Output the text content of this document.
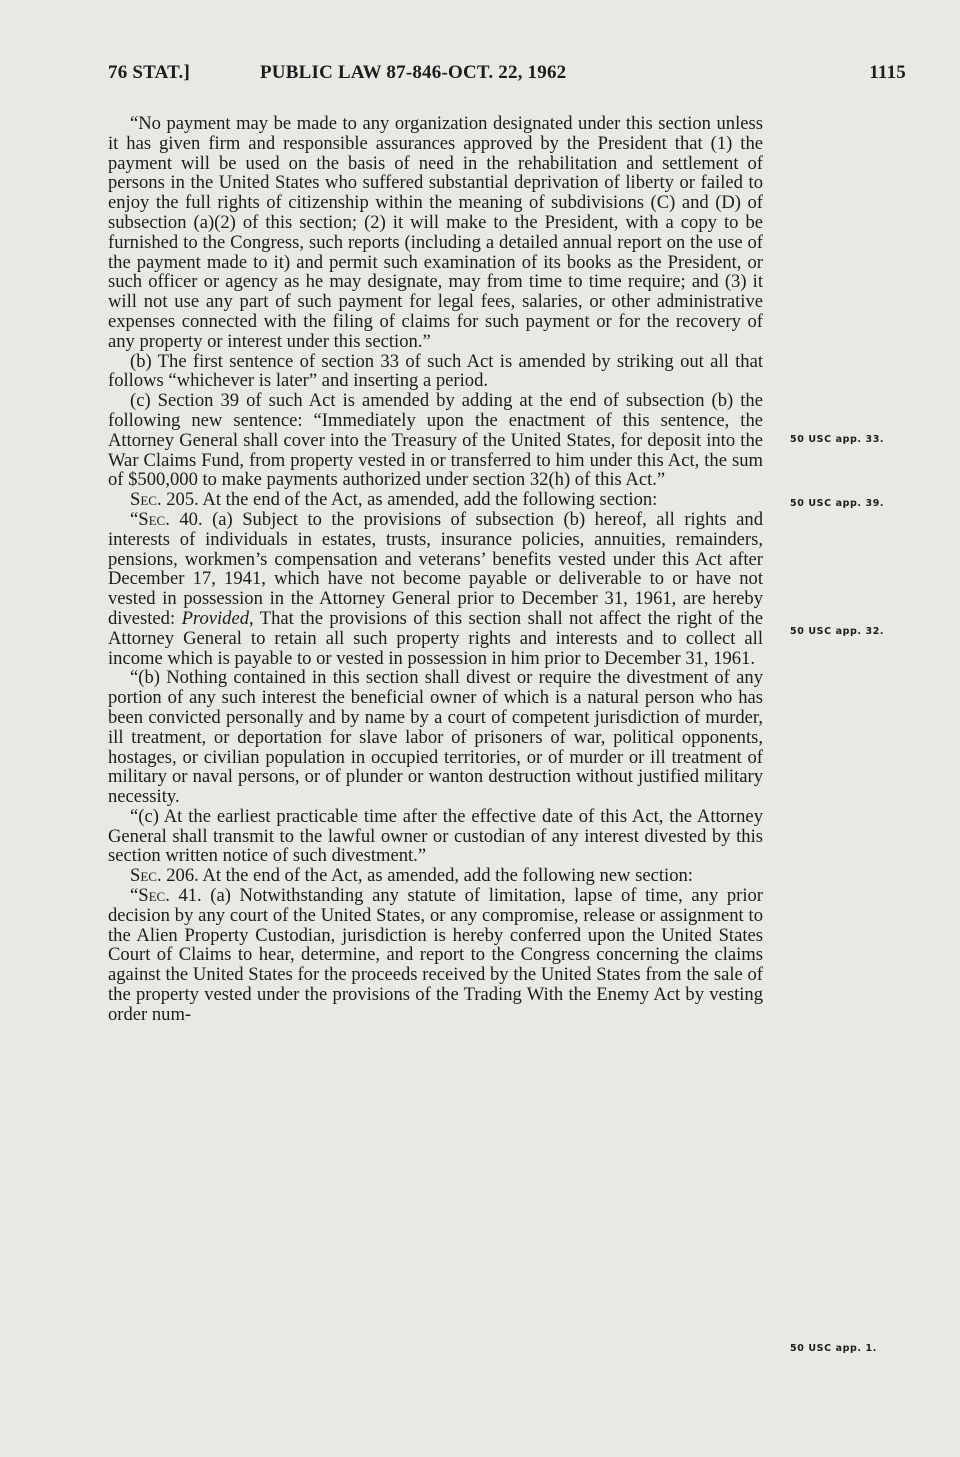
76 STAT.]	PUBLIC LAW 87-846-OCT. 22, 1962	1115

“No payment may be made to any organization designated under this section unless it has given firm and responsible assurances approved by the President that (1) the payment will be used on the basis of need in the rehabilitation and settlement of persons in the United States who suffered substantial deprivation of liberty or failed to enjoy the full rights of citizenship within the meaning of subdivisions (C) and (D) of subsection (a)(2) of this section; (2) it will make to the President, with a copy to be furnished to the Congress, such reports (including a detailed annual report on the use of the payment made to it) and permit such examination of its books as the President, or such officer or agency as he may designate, may from time to time require; and (3) it will not use any part of such payment for legal fees, salaries, or other administrative expenses connected with the filing of claims for such payment or for the recovery of any property or interest under this section.”

(b) The first sentence of section 33 of such Act is amended by striking out all that follows “whichever is later” and inserting a period.

(c) Section 39 of such Act is amended by adding at the end of subsection (b) the following new sentence: “Immediately upon the enactment of this sentence, the Attorney General shall cover into the Treasury of the United States, for deposit into the War Claims Fund, from property vested in or transferred to him under this Act, the sum of $500,000 to make payments authorized under section 32(h) of this Act.”

Sec. 205. At the end of the Act, as amended, add the following section:

“Sec. 40. (a) Subject to the provisions of subsection (b) hereof, all rights and interests of individuals in estates, trusts, insurance policies, annuities, remainders, pensions, workmen’s compensation and veterans’ benefits vested under this Act after December 17, 1941, which have not become payable or deliverable to or have not vested in possession in the Attorney General prior to December 31, 1961, are hereby divested: Provided, That the provisions of this section shall not affect the right of the Attorney General to retain all such property rights and interests and to collect all income which is payable to or vested in possession in him prior to December 31, 1961.

“(b) Nothing contained in this section shall divest or require the divestment of any portion of any such interest the beneficial owner of which is a natural person who has been convicted personally and by name by a court of competent jurisdiction of murder, ill treatment, or deportation for slave labor of prisoners of war, political opponents, hostages, or civilian population in occupied territories, or of murder or ill treatment of military or naval persons, or of plunder or wanton destruction without justified military necessity.

“(c) At the earliest practicable time after the effective date of this Act, the Attorney General shall transmit to the lawful owner or custodian of any interest divested by this section written notice of such divestment.”

Sec. 206. At the end of the Act, as amended, add the following new section:

“Sec. 41. (a) Notwithstanding any statute of limitation, lapse of time, any prior decision by any court of the United States, or any compromise, release or assignment to the Alien Property Custodian, jurisdiction is hereby conferred upon the United States Court of Claims to hear, determine, and report to the Congress concerning the claims against the United States for the proceeds received by the United States from the sale of the property vested under the provisions of the Trading With the Enemy Act by vesting order num-

50 USC app. 33.
50 USC app. 39.
50 USC app. 32.
50 USC app. 1.
